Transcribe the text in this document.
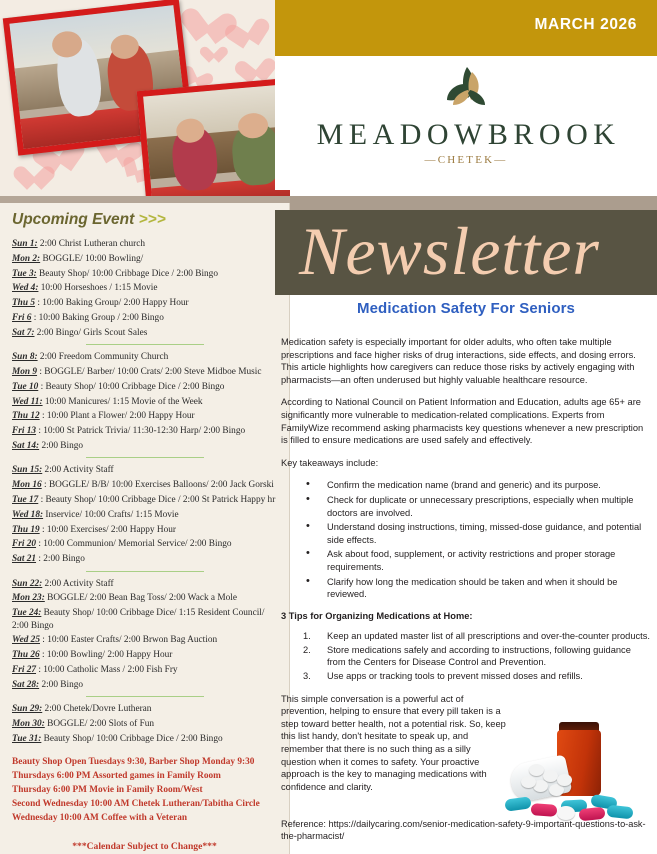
MARCH 2026
MEADOWBROOK
—CHETEK—
Upcoming Event >>>
Sun 1: 2:00 Christ Lutheran church
Mon 2: BOGGLE/ 10:00 Bowling/
Tue 3: Beauty Shop/ 10:00 Cribbage Dice / 2:00 Bingo
Wed 4: 10:00 Horseshoes / 1:15 Movie
Thu 5 : 10:00 Baking Group/ 2:00 Happy Hour
Fri 6 : 10:00 Baking Group / 2:00 Bingo
Sat 7: 2:00 Bingo/ Girls Scout Sales
Sun 8: 2:00 Freedom Community Church
Mon 9 : BOGGLE/ Barber/ 10:00 Crats/ 2:00 Steve Midboe Music
Tue 10 : Beauty Shop/ 10:00 Cribbage Dice / 2:00 Bingo
Wed 11: 10:00 Manicures/ 1:15 Movie of the Week
Thu 12 : 10:00 Plant a Flower/ 2:00 Happy Hour
Fri 13 : 10:00 St Patrick Trivia/ 11:30-12:30 Harp/ 2:00 Bingo
Sat 14: 2:00 Bingo
Sun 15: 2:00 Activity Staff
Mon 16 : BOGGLE/ B/B/ 10:00 Exercises Balloons/ 2:00 Jack Gorski
Tue 17 : Beauty Shop/ 10:00 Cribbage Dice / 2:00 St Patrick Happy hr
Wed 18: Inservice/ 10:00 Crafts/ 1:15 Movie
Thu 19 : 10:00 Exercises/ 2:00 Happy Hour
Fri 20 : 10:00 Communion/ Memorial Service/ 2:00 Bingo
Sat 21 : 2:00 Bingo
Sun 22: 2:00 Activity Staff
Mon 23: BOGGLE/ 2:00 Bean Bag Toss/ 2:00 Wack a Mole
Tue 24: Beauty Shop/ 10:00 Cribbage Dice/ 1:15 Resident Council/ 2:00 Bingo
Wed 25 : 10:00 Easter Crafts/ 2:00 Brwon Bag Auction
Thu 26 : 10:00 Bowling/ 2:00 Happy Hour
Fri 27 : 10:00 Catholic Mass / 2:00 Fish Fry
Sat 28: 2:00 Bingo
Sun 29: 2:00 Chetek/Dovre Lutheran
Mon 30: BOGGLE/ 2:00 Slots of Fun
Tue 31: Beauty Shop/ 10:00 Cribbage Dice / 2:00 Bingo
Beauty Shop Open Tuesdays 9:30, Barber Shop Monday 9:30
Thursdays 6:00 PM Assorted games in Family Room
Thursday 6:00 PM Movie in Family Room/West
Second Wednesday 10:00 AM Chetek Lutheran/Tabitha Circle
Wednesday 10:00 AM Coffee with a Veteran
***Calendar Subject to Change***
Newsletter
Medication Safety For Seniors

Medication safety is especially important for older adults, who often take multiple prescriptions and face higher risks of drug interactions, side effects, and dosing errors. This article highlights how caregivers can reduce those risks by actively engaging with pharmacists—an often underused but highly valuable healthcare resource.

According to National Council on Patient Information and Education, adults age 65+ are significantly more vulnerable to medication-related complications. Experts from FamilyWize recommend asking pharmacists key questions whenever a new prescription is filled to ensure medications are used safely and effectively.

Key takeaways include:

• Confirm the medication name (brand and generic) and its purpose.
• Check for duplicate or unnecessary prescriptions, especially when multiple doctors are involved.
• Understand dosing instructions, timing, missed-dose guidance, and potential side effects.
• Ask about food, supplement, or activity restrictions and proper storage requirements.
• Clarify how long the medication should be taken and when it should be reviewed.
3 Tips for Organizing Medications at Home:
Keep an updated master list of all prescriptions and over-the-counter products.
Store medications safely and according to instructions, following guidance from the Centers for Disease Control and Prevention.
Use apps or tracking tools to prevent missed doses and refills.

This simple conversation is a powerful act of prevention, helping to ensure that every pill taken is a step toward better health, not a potential risk. So, keep this list handy, don't hesitate to speak up, and remember that there is no such thing as a silly question when it comes to safety. Your proactive approach is the key to managing medications with confidence and clarity.

Reference: https://dailycaring.com/senior-medication-safety-9-important-questions-to-ask-the-pharmacist/
